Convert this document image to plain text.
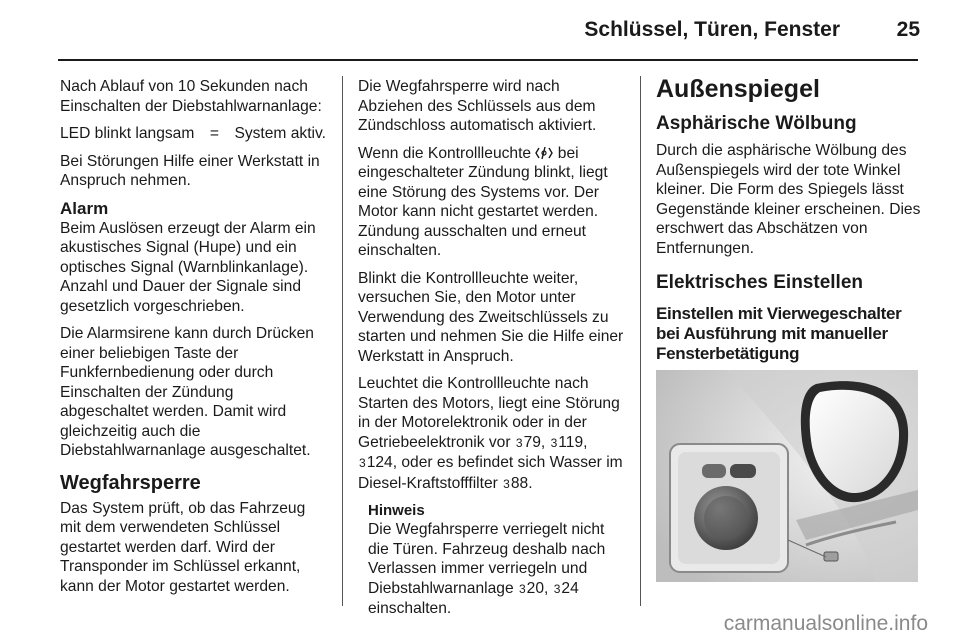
Schlüssel, Türen, Fenster	25

Nach Ablauf von 10 Sekunden nach Einschalten der Diebstahlwarnanlage:

LED blinkt langsam = System aktiv.

Bei Störungen Hilfe einer Werkstatt in Anspruch nehmen.

Alarm

Beim Auslösen erzeugt der Alarm ein akustisches Signal (Hupe) und ein optisches Signal (Warnblinkanlage). Anzahl und Dauer der Signale sind gesetzlich vorgeschrieben.

Die Alarmsirene kann durch Drücken einer beliebigen Taste der Funkfernbedienung oder durch Einschalten der Zündung abgeschaltet werden. Damit wird gleichzeitig auch die Diebstahlwarnanlage ausgeschaltet.

Wegfahrsperre

Das System prüft, ob das Fahrzeug mit dem verwendeten Schlüssel gestartet werden darf. Wird der Transponder im Schlüssel erkannt, kann der Motor gestartet werden.

Die Wegfahrsperre wird nach Abziehen des Schlüssels aus dem Zündschloss automatisch aktiviert.

Wenn die Kontrollleuchte bei eingeschalteter Zündung blinkt, liegt eine Störung des Systems vor. Der Motor kann nicht gestartet werden. Zündung ausschalten und erneut einschalten.

Blinkt die Kontrollleuchte weiter, versuchen Sie, den Motor unter Verwendung des Zweitschlüssels zu starten und nehmen Sie die Hilfe einer Werkstatt in Anspruch.

Leuchtet die Kontrollleuchte nach Starten des Motors, liegt eine Störung in der Motorelektronik oder in der Getriebeelektronik vor 379, 3119, 3124, oder es befindet sich Wasser im Diesel-Kraftstofffilter 388.

Hinweis
Die Wegfahrsperre verriegelt nicht die Türen. Fahrzeug deshalb nach Verlassen immer verriegeln und Diebstahlwarnanlage 320, 324 einschalten.
Außenspiegel
Asphärische Wölbung

Durch die asphärische Wölbung des Außenspiegels wird der tote Winkel kleiner. Die Form des Spiegels lässt Gegenstände kleiner erscheinen. Dies erschwert das Abschätzen von Entfernungen.

Elektrisches Einstellen
Einstellen mit Vierwegeschalter bei Ausführung mit manueller Fensterbetätigung
carmanualsonline.info
